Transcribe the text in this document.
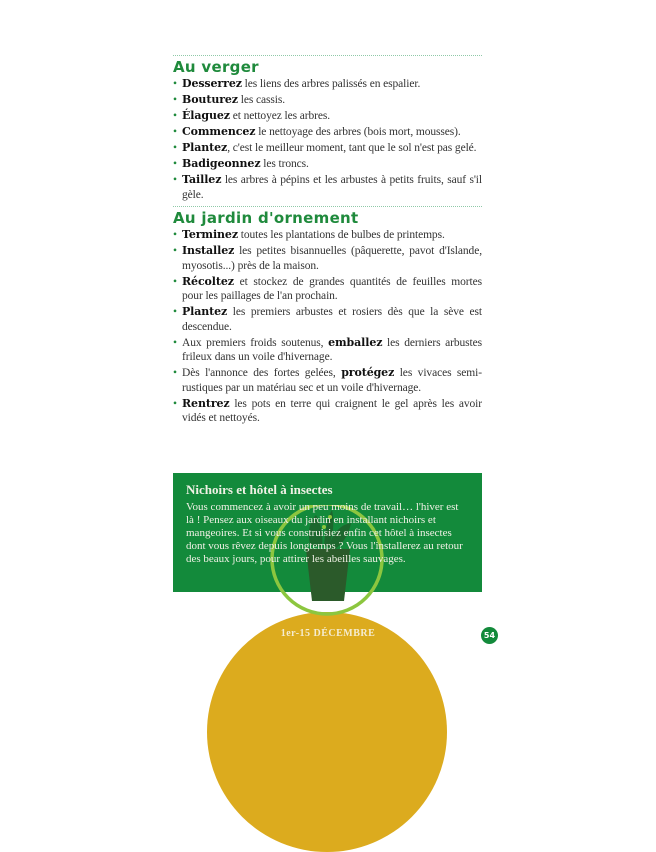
Au verger
• Desserrez les liens des arbres palissés en espalier.
• Bouturez les cassis.
• Élaguez et nettoyez les arbres.
• Commencez le nettoyage des arbres (bois mort, mousses).
• Plantez, c'est le meilleur moment, tant que le sol n'est pas gelé.
• Badigeonnez les troncs.
• Taillez les arbres à pépins et les arbustes à petits fruits, sauf s'il gèle.
Au jardin d'ornement
• Terminez toutes les plantations de bulbes de printemps.
• Installez les petites bisannuelles (pâquerette, pavot d'Islande, myosotis...) près de la maison.
• Récoltez et stockez de grandes quantités de feuilles mortes pour les paillages de l'an prochain.
• Plantez les premiers arbustes et rosiers dès que la sève est descendue.
• Aux premiers froids soutenus, emballez les derniers arbustes frileux dans un voile d'hivernage.
• Dès l'annonce des fortes gelées, protégez les vivaces semi-rustiques par un matériau sec et un voile d'hivernage.
• Rentrez les pots en terre qui craignent le gel après les avoir vidés et nettoyés.
Nichoirs et hôtel à insectes

Vous commencez à avoir un peu moins de travail… l'hiver est là ! Pensez aux oiseaux du jardin en installant nichoirs et mangeoires. Et si vous construisiez enfin cet hôtel à insectes dont vous rêvez depuis longtemps ? Vous l'installerez au retour des beaux jours, pour attirer les abeilles sauvages.

1er-15 DÉCEMBRE	54
